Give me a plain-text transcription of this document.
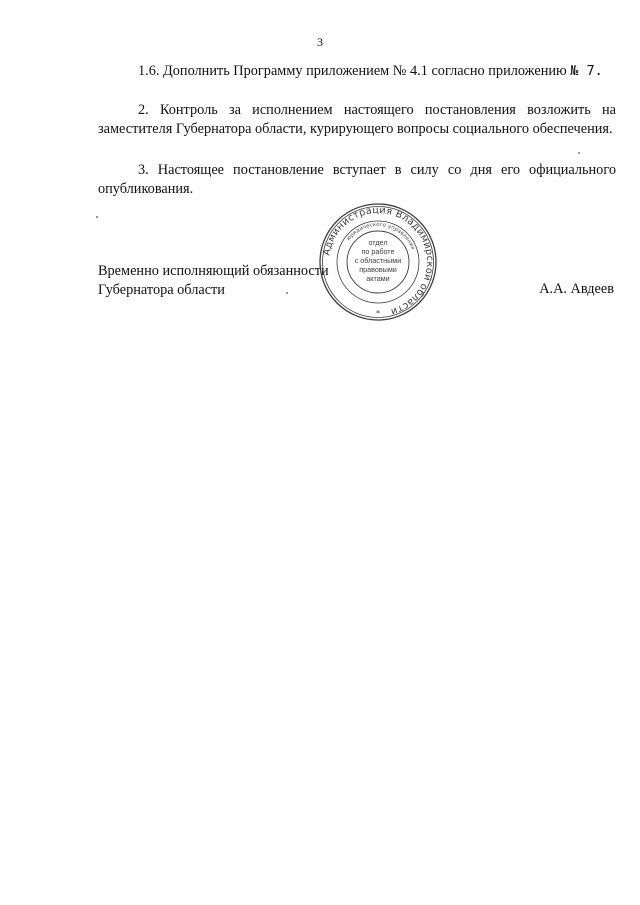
3

1.6. Дополнить Программу приложением № 4.1 согласно приложению № 7.

2. Контроль за исполнением настоящего постановления возложить на заместителя Губернатора области, курирующего вопросы социального обеспечения.

3. Настоящее постановление вступает в силу со дня его официального опубликования.

Временно исполняющий обязанности
Губернатора области	А.А. Авдеев
Администрация Владимирской области
юридического управления
отдел
по работе
с областными
правовыми
актами
*
